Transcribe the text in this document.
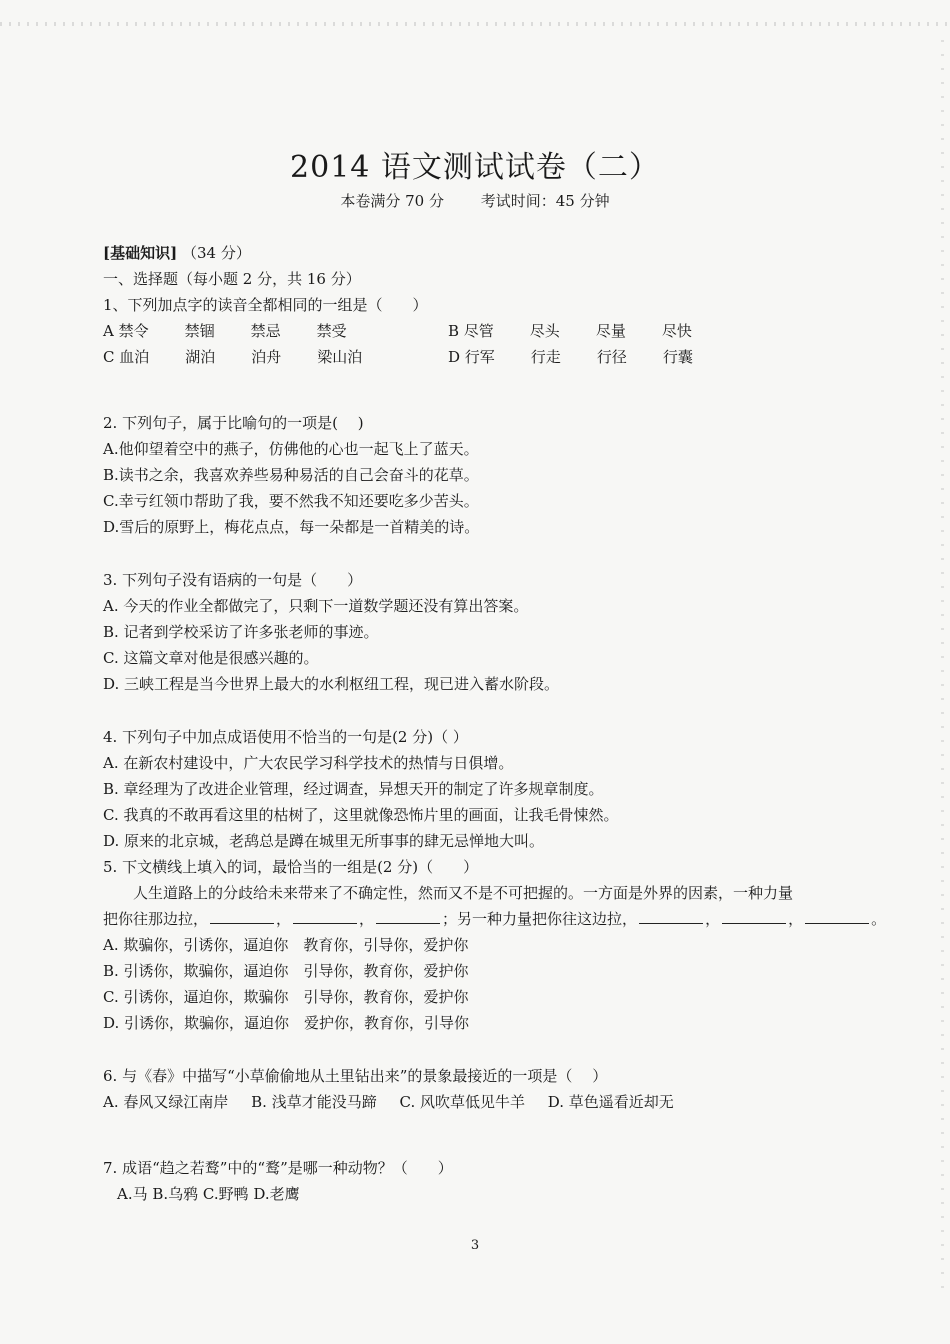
2014 语文测试试卷（二）
本卷满分 70 分 考试时间：45 分钟
[基础知识] （34 分）
一、选择题（每小题 2 分，共 16 分）
1、下列加点字的读音全都相同的一组是（　　）
A 禁令 禁锢 禁忌 禁受	B 尽管 尽头 尽量 尽快
C 血泊 湖泊 泊舟 梁山泊	D 行军 行走 行径 行囊
2. 下列句子，属于比喻句的一项是(　 )
A.他仰望着空中的燕子，仿佛他的心也一起飞上了蓝天。
B.读书之余，我喜欢养些易种易活的自己会奋斗的花草。
C.幸亏红领巾帮助了我，要不然我不知还要吃多少苦头。
D.雪后的原野上，梅花点点，每一朵都是一首精美的诗。
3. 下列句子没有语病的一句是（　　）
A. 今天的作业全都做完了，只剩下一道数学题还没有算出答案。
B. 记者到学校采访了许多张老师的事迹。
C. 这篇文章对他是很感兴趣的。
D. 三峡工程是当今世界上最大的水利枢纽工程，现已进入蓄水阶段。
4. 下列句子中加点成语使用不恰当的一句是(2 分)（ ）
A. 在新农村建设中，广大农民学习科学技术的热情与日俱增。
B. 章经理为了改进企业管理，经过调查，异想天开的制定了许多规章制度。
C. 我真的不敢再看这里的枯树了，这里就像恐怖片里的画面，让我毛骨悚然。
D. 原来的北京城，老鸹总是蹲在城里无所事事的肆无忌惮地大叫。
5. 下文横线上填入的词，最恰当的一组是(2 分)（　　）
人生道路上的分歧给未来带来了不确定性，然而又不是不可把握的。一方面是外界的因素，一种力量
把你往那边拉，	，	，	；另一种力量把你往这边拉，	，	，	。
A. 欺骗你，引诱你，逼迫你　教育你，引导你，爱护你
B. 引诱你，欺骗你，逼迫你　引导你，教育你，爱护你
C. 引诱你，逼迫你，欺骗你　引导你，教育你，爱护你
D. 引诱你，欺骗你，逼迫你　爱护你，教育你，引导你
6. 与《春》中描写“小草偷偷地从土里钻出来”的景象最接近的一项是（　 ）
A. 春风又绿江南岸 B. 浅草才能没马蹄 C. 风吹草低见牛羊 D. 草色遥看近却无
7. 成语“趋之若鹜”中的“鹜”是哪一种动物？（　　）
A.马 B.乌鸦 C.野鸭 D.老鹰
3
